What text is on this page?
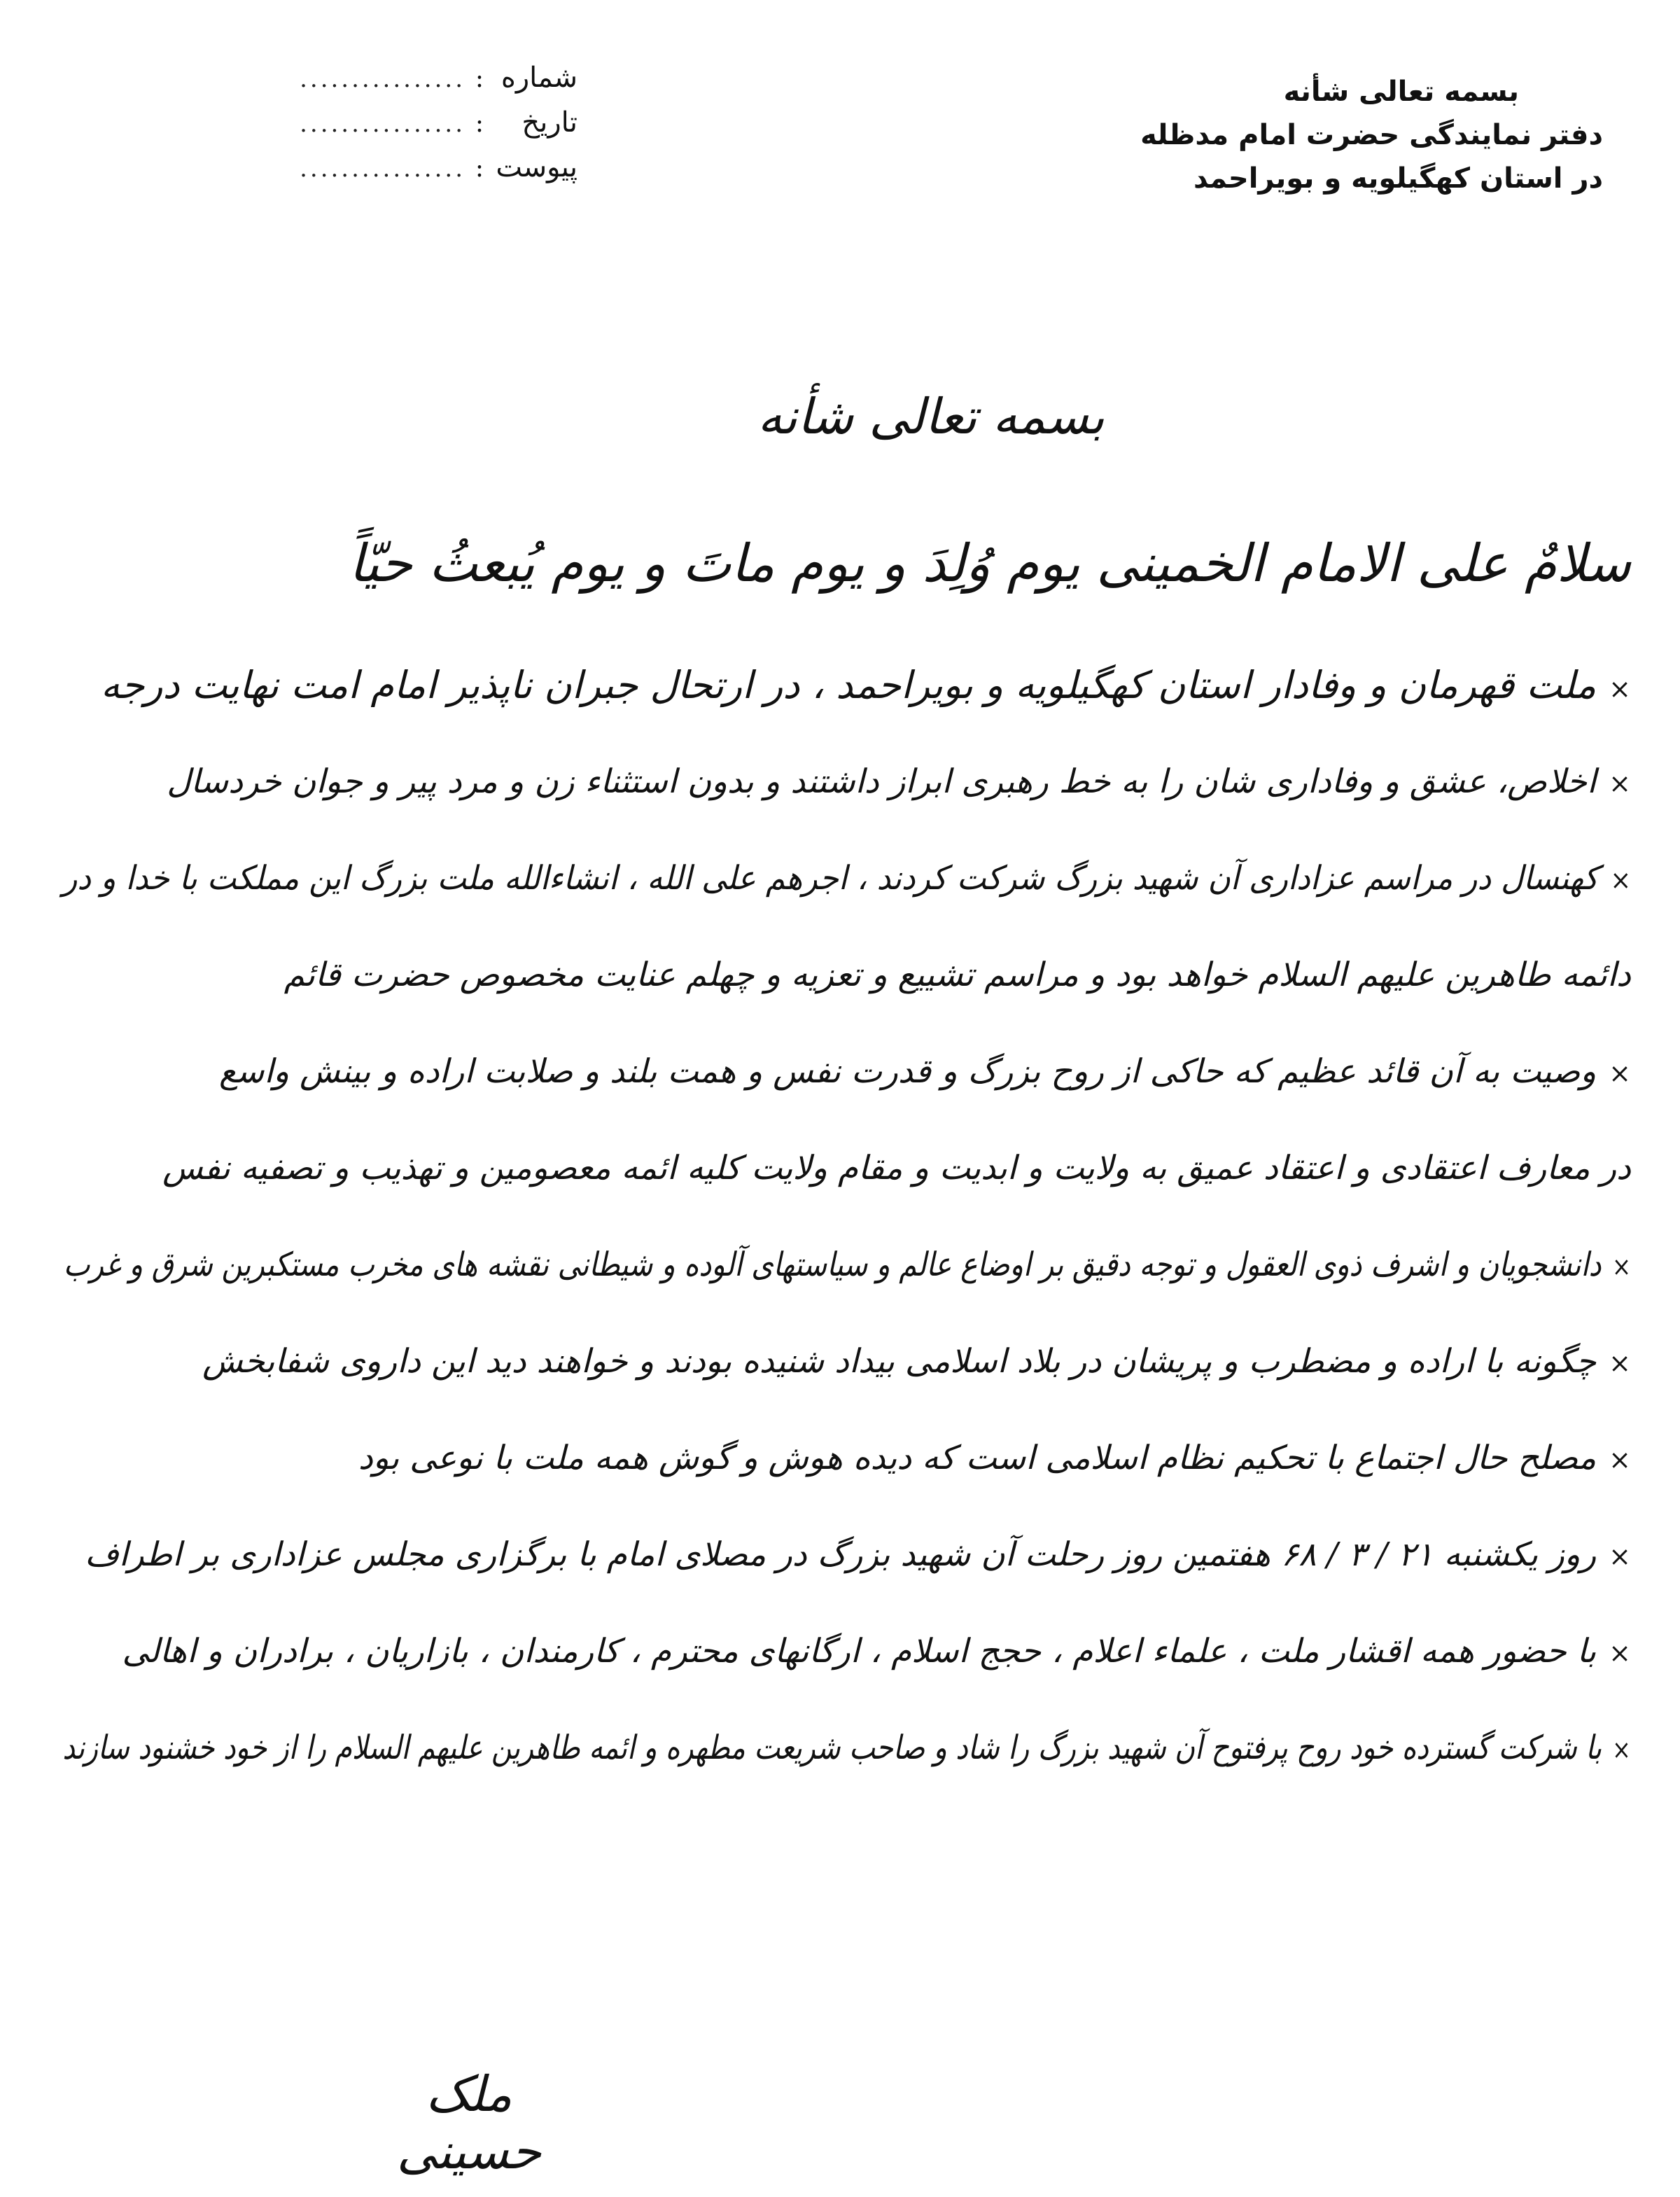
بسمه تعالی شأنه
دفتر نمایندگی حضرت امام مدظله
در استان کهگیلویه و بویراحمد
شماره
:
................
تاریخ
:
................
پیوست
:
................
بسمه تعالی شأنه
سلامٌ علی الامام الخمینی یوم وُلِدَ و یوم ماتَ و یوم یُبعثُ حیّاً
×ملت قهرمان و وفادار استان کهگیلویه و بویراحمد ، در ارتحال جبران ناپذیر امام امت نهایت درجه
×اخلاص، عشق و وفاداری شان را به خط رهبری ابراز داشتند و بدون استثناء زن و مرد پیر و جوان خردسال
×کهنسال در مراسم عزاداری آن شهید بزرگ شرکت کردند ، اجرهم علی الله ، انشاءالله ملت بزرگ این مملکت با خدا و در
دائمه طاهرین علیهم السلام خواهد بود و مراسم تشییع و تعزیه و چهلم عنایت مخصوص حضرت قائم
×وصیت به آن قائد عظیم که حاکی از روح بزرگ و قدرت نفس و همت بلند و صلابت اراده و بینش واسع
در معارف اعتقادی و اعتقاد عمیق به ولایت و ابدیت و مقام ولایت کلیه ائمه معصومین و تهذیب و تصفیه نفس
×دانشجویان و اشرف ذوی العقول و توجه دقیق بر اوضاع عالم و سیاستهای آلوده و شیطانی نقشه های مخرب مستکبرین شرق و غرب
×چگونه با اراده و مضطرب و پریشان در بلاد اسلامی بیداد شنیده بودند و خواهند دید این داروی شفابخش
×مصلح حال اجتماع با تحکیم نظام اسلامی است که دیده هوش و گوش همه ملت با نوعی بود
×روز یکشنبه ۲۱ / ۳ / ۶۸ هفتمین روز رحلت آن شهید بزرگ در مصلای امام با برگزاری مجلس عزاداری بر اطراف
×با حضور همه اقشار ملت ، علماء اعلام ، حجج اسلام ، ارگانهای محترم ، کارمندان ، بازاریان ، برادران و اهالی
×با شرکت گسترده خود روح پرفتوح آن شهید بزرگ را شاد و صاحب شریعت مطهره و ائمه طاهرین علیهم السلام را از خود خشنود سازند
ملک حسینی
